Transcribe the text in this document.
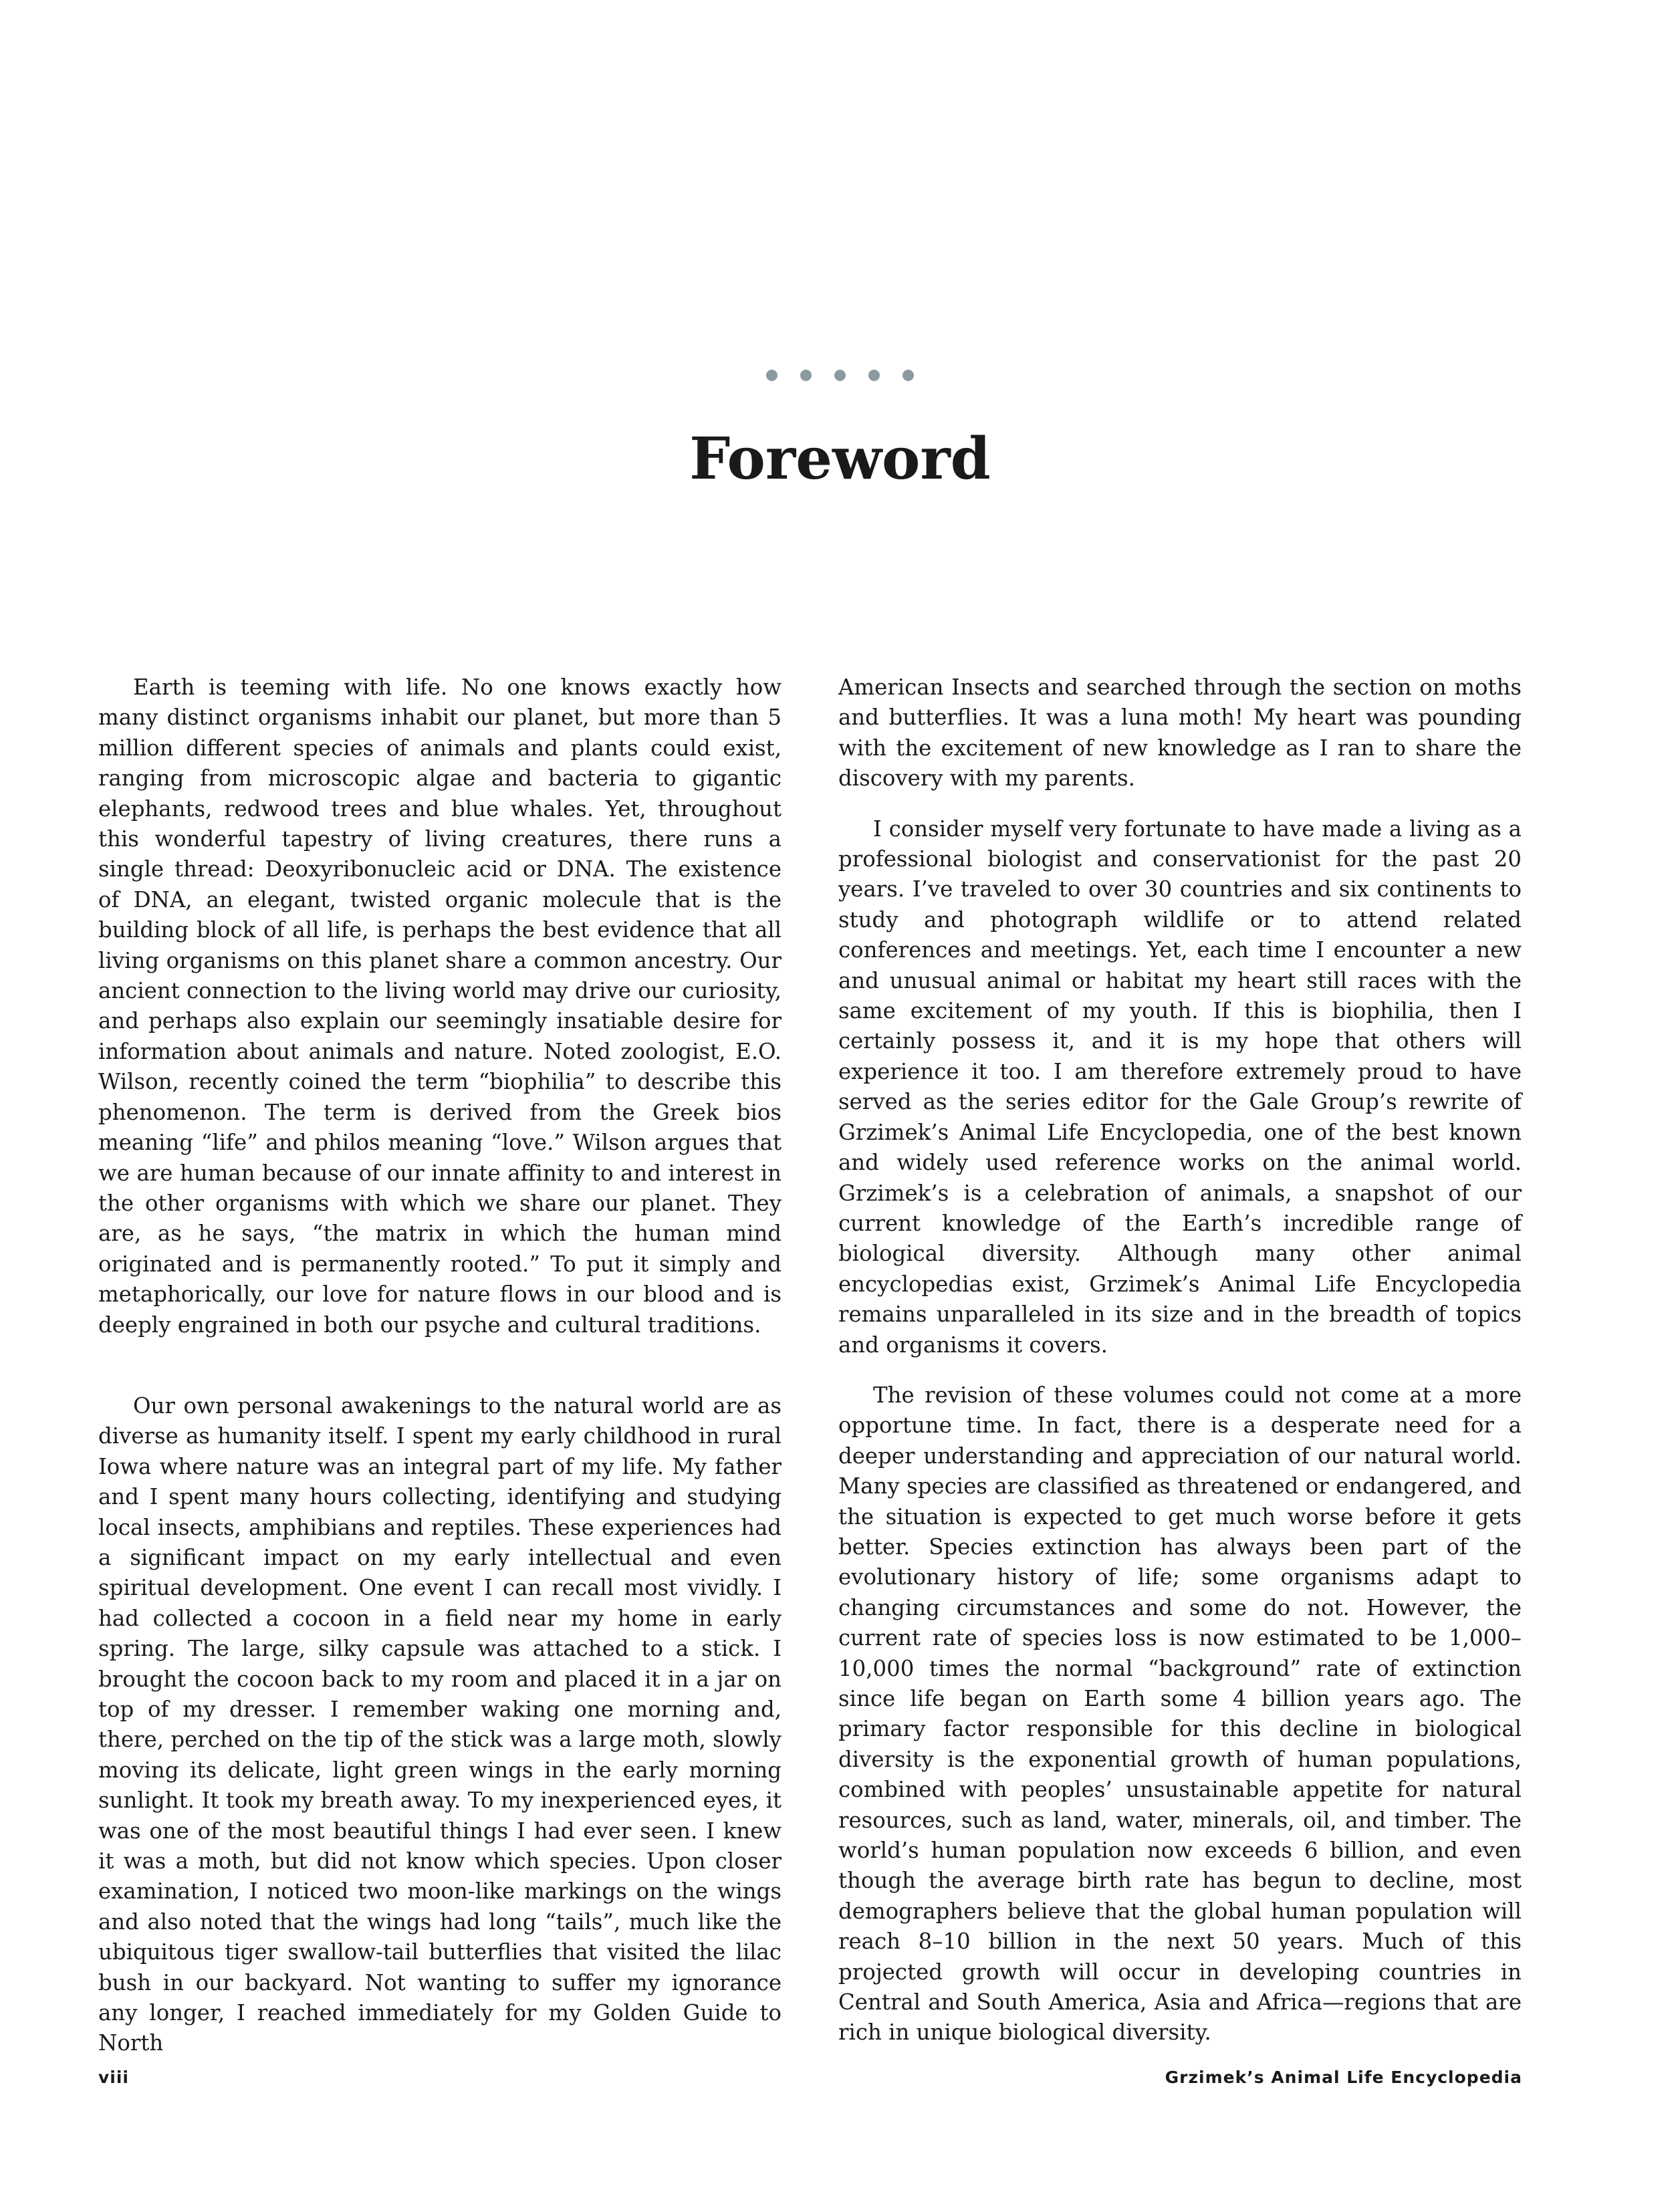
Foreword

Earth is teeming with life. No one knows exactly how many distinct organisms inhabit our planet, but more than 5 million different species of animals and plants could exist, ranging from microscopic algae and bacteria to gigantic elephants, redwood trees and blue whales. Yet, throughout this wonderful tapestry of living creatures, there runs a single thread: Deoxyribonucleic acid or DNA. The existence of DNA, an elegant, twisted organic molecule that is the building block of all life, is perhaps the best evidence that all living organisms on this planet share a common ancestry. Our ancient connection to the living world may drive our curiosity, and perhaps also explain our seemingly insatiable desire for information about animals and nature. Noted zoologist, E.O. Wilson, recently coined the term “biophilia” to describe this phenomenon. The term is derived from the Greek bios meaning “life” and philos meaning “love.” Wilson argues that we are human because of our innate affinity to and interest in the other organisms with which we share our planet. They are, as he says, “the matrix in which the human mind originated and is permanently rooted.” To put it simply and metaphorically, our love for nature flows in our blood and is deeply engrained in both our psyche and cultural traditions.

Our own personal awakenings to the natural world are as diverse as humanity itself. I spent my early childhood in rural Iowa where nature was an integral part of my life. My father and I spent many hours collecting, identifying and studying local insects, amphibians and reptiles. These experiences had a significant impact on my early intellectual and even spiritual development. One event I can recall most vividly. I had collected a cocoon in a field near my home in early spring. The large, silky capsule was attached to a stick. I brought the cocoon back to my room and placed it in a jar on top of my dresser. I remember waking one morning and, there, perched on the tip of the stick was a large moth, slowly moving its delicate, light green wings in the early morning sunlight. It took my breath away. To my inexperienced eyes, it was one of the most beautiful things I had ever seen. I knew it was a moth, but did not know which species. Upon closer examination, I noticed two moon-like markings on the wings and also noted that the wings had long “tails”, much like the ubiquitous tiger swallow-tail butterflies that visited the lilac bush in our backyard. Not wanting to suffer my ignorance any longer, I reached immediately for my Golden Guide to North

American Insects and searched through the section on moths and butterflies. It was a luna moth! My heart was pounding with the excitement of new knowledge as I ran to share the discovery with my parents.

I consider myself very fortunate to have made a living as a professional biologist and conservationist for the past 20 years. I’ve traveled to over 30 countries and six continents to study and photograph wildlife or to attend related conferences and meetings. Yet, each time I encounter a new and unusual animal or habitat my heart still races with the same excitement of my youth. If this is biophilia, then I certainly possess it, and it is my hope that others will experience it too. I am therefore extremely proud to have served as the series editor for the Gale Group’s rewrite of Grzimek’s Animal Life Encyclopedia, one of the best known and widely used reference works on the animal world. Grzimek’s is a celebration of animals, a snapshot of our current knowledge of the Earth’s incredible range of biological diversity. Although many other animal encyclopedias exist, Grzimek’s Animal Life Encyclopedia remains unparalleled in its size and in the breadth of topics and organisms it covers.

The revision of these volumes could not come at a more opportune time. In fact, there is a desperate need for a deeper understanding and appreciation of our natural world. Many species are classified as threatened or endangered, and the situation is expected to get much worse before it gets better. Species extinction has always been part of the evolutionary history of life; some organisms adapt to changing circumstances and some do not. However, the current rate of species loss is now estimated to be 1,000–10,000 times the normal “background” rate of extinction since life began on Earth some 4 billion years ago. The primary factor responsible for this decline in biological diversity is the exponential growth of human populations, combined with peoples’ unsustainable appetite for natural resources, such as land, water, minerals, oil, and timber. The world’s human population now exceeds 6 billion, and even though the average birth rate has begun to decline, most demographers believe that the global human population will reach 8–10 billion in the next 50 years. Much of this projected growth will occur in developing countries in Central and South America, Asia and Africa—regions that are rich in unique biological diversity.

viii	Grzimek’s Animal Life Encyclopedia
